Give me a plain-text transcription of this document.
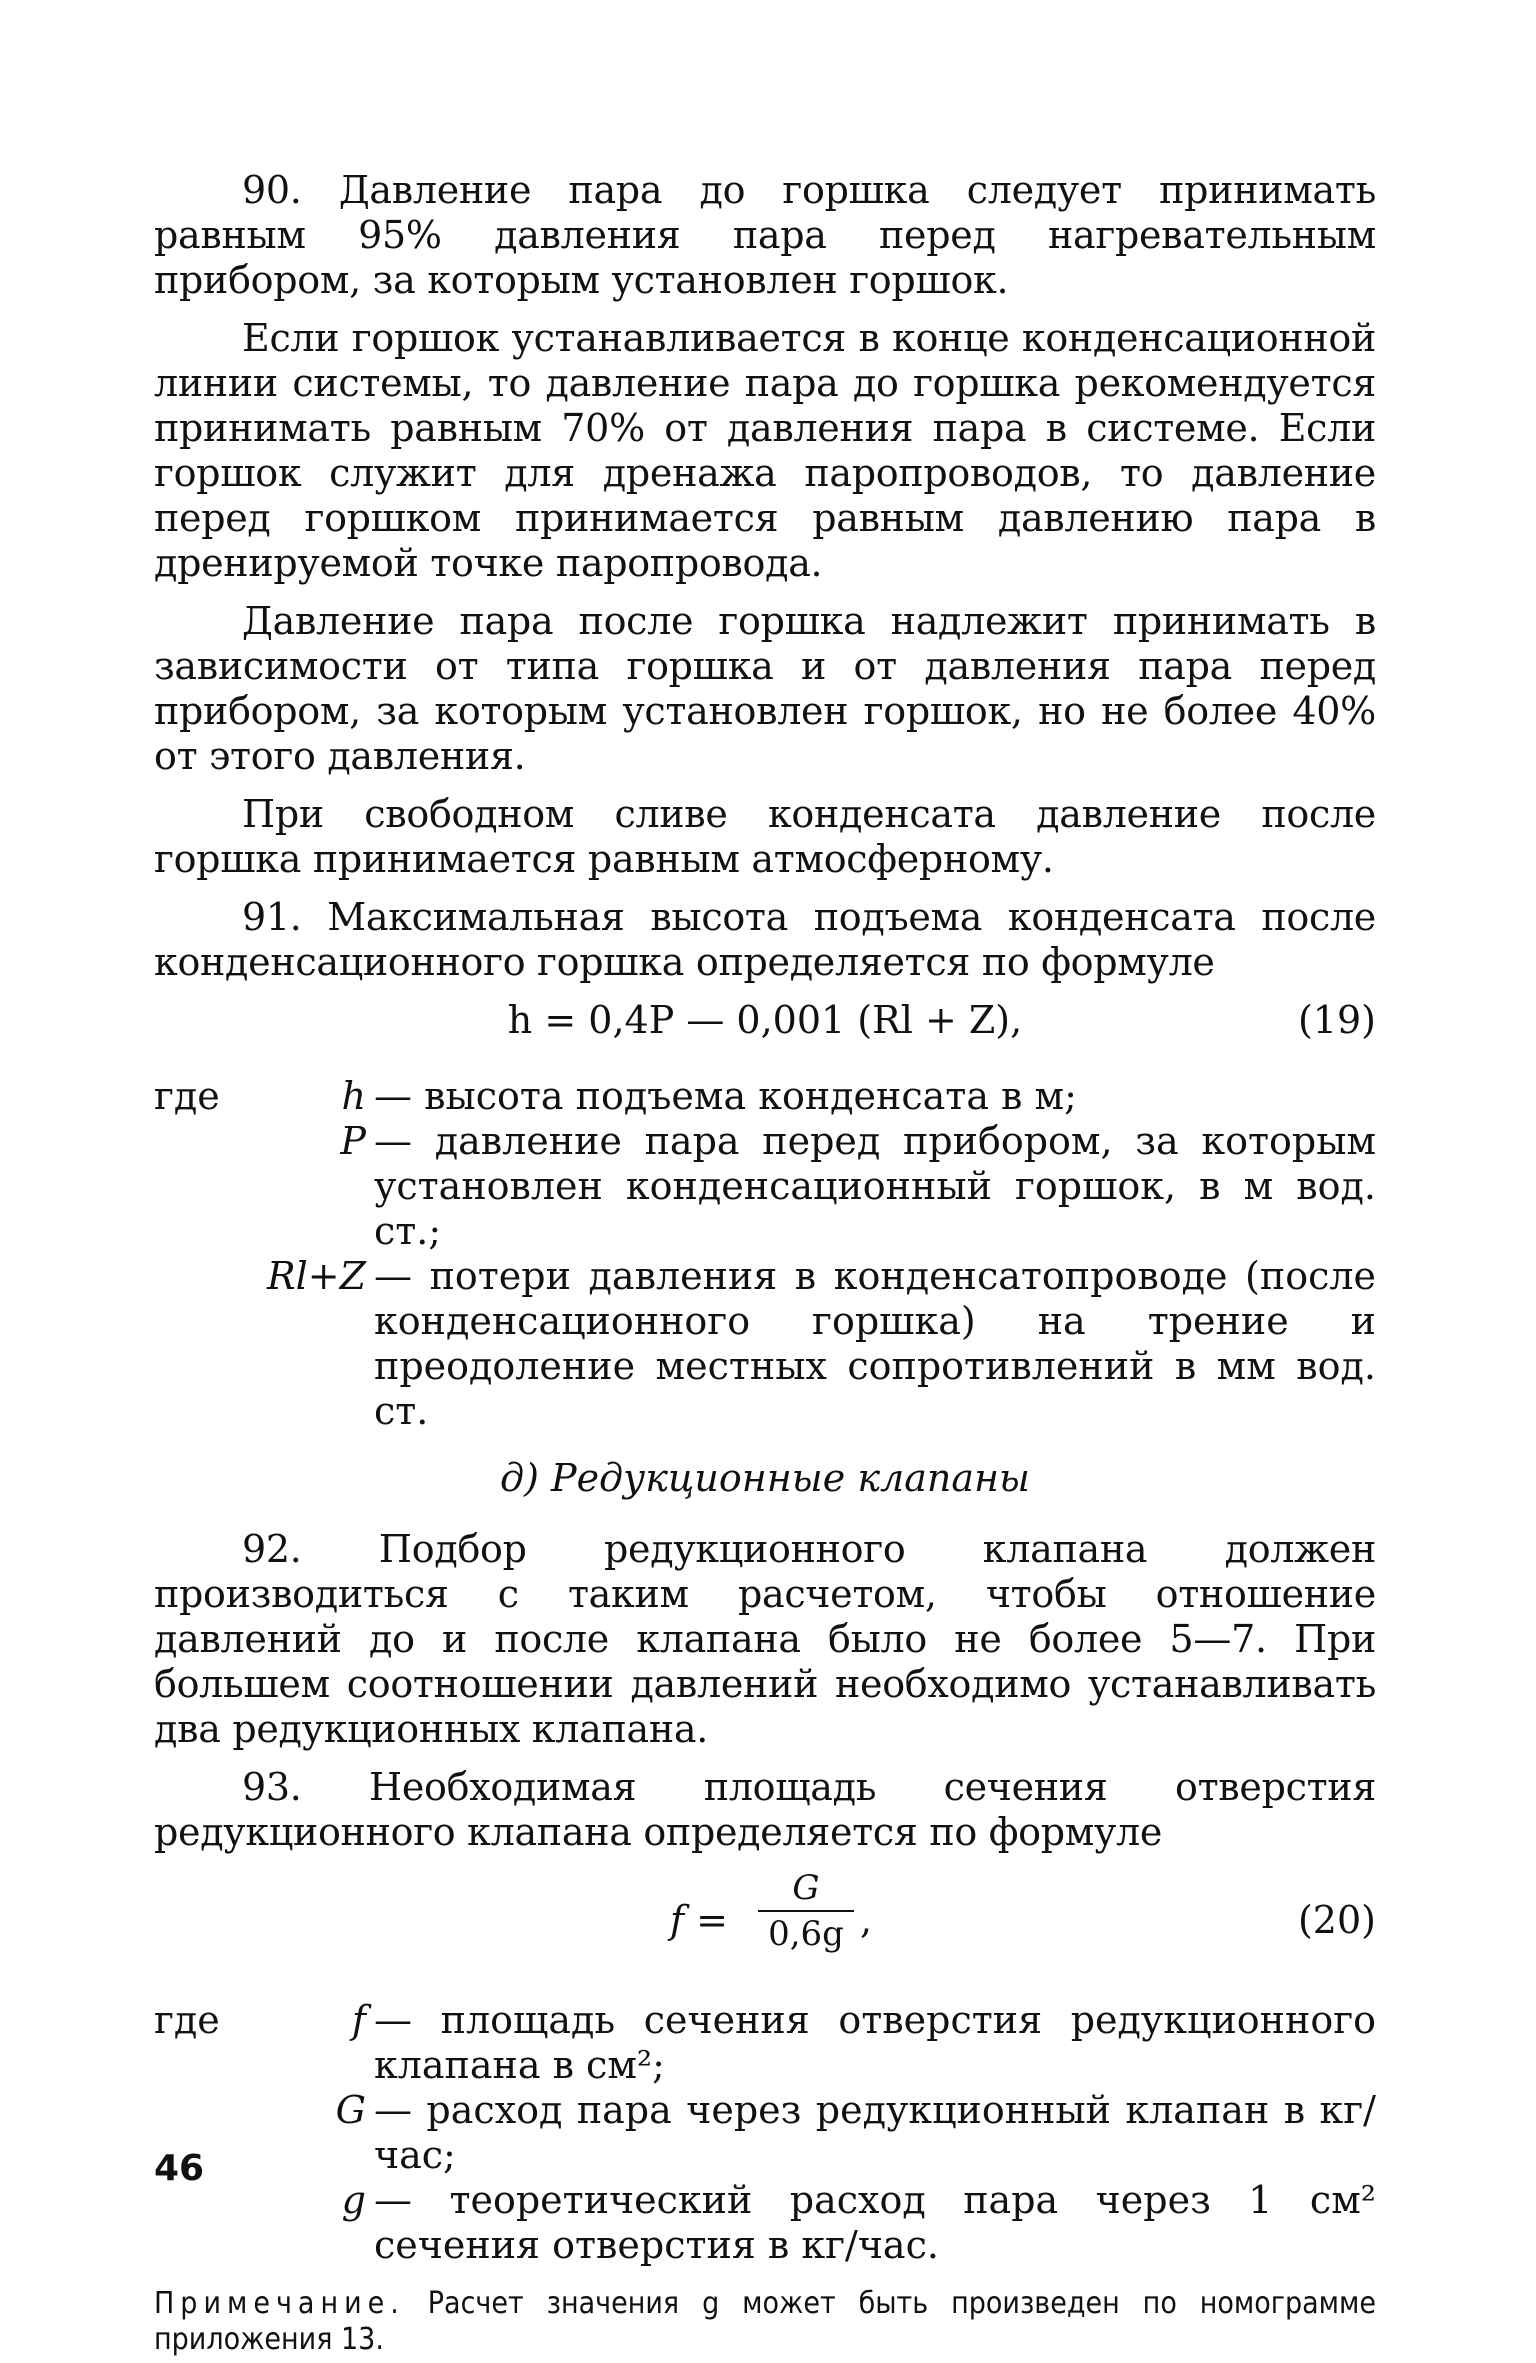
90. Давление пара до горшка следует принимать равным 95% давления пара перед нагревательным прибором, за которым установлен горшок.

Если горшок устанавливается в конце конденсационной линии системы, то давление пара до горшка рекомендуется принимать равным 70% от давления пара в системе. Если горшок служит для дренажа паропроводов, то давление перед горшком принимается равным давлению пара в дренируемой точке паропровода.

Давление пара после горшка надлежит принимать в зависимости от типа горшка и от давления пара перед прибором, за которым установлен горшок, но не более 40% от этого давления.

При свободном сливе конденсата давление после горшка принимается равным атмосферному.

91. Максимальная высота подъема конденсата после конденсационного горшка определяется по формуле

h = 0,4P — 0,001 (Rl + Z),	(19)
где	h — высота подъема конденсата в м;
P — давление пара перед прибором, за которым установлен конденсационный горшок, в м вод. ст.;
Rl+Z — потери давления в конденсатопроводе (после конденсационного горшка) на трение и преодоление местных сопротивлений в мм вод. ст.
д) Редукционные клапаны

92. Подбор редукционного клапана должен производиться с таким расчетом, чтобы отношение давлений до и после клапана было не более 5—7. При большем соотношении давлений необходимо устанавливать два редукционных клапана.

93. Необходимая площадь сечения отверстия редукционного клапана определяется по формуле

$f = \frac{G}{0,6g}$ ,	(20)
где	f — площадь сечения отверстия редукционного клапана в см²;
G — расход пара через редукционный клапан в кг/час;
g — теоретический расход пара через 1 см² сечения отверстия в кг/час.
Примечание. Расчет значения g может быть произведен по номограмме приложения 13.
46
